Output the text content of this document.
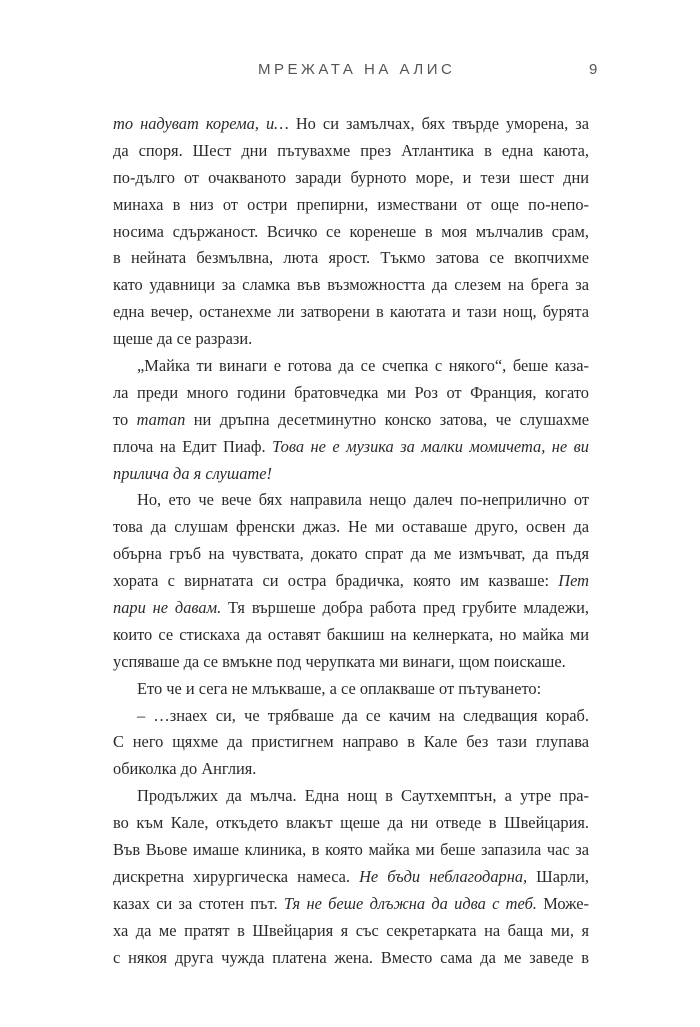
МРЕЖАТА НА АЛИС	9
то надуват корема, и… Но си замълчах, бях твърде уморена, за
да споря. Шест дни пътувахме през Атлантика в една каюта,
по-дълго от очакваното заради бурното море, и тези шест дни
минаха в низ от остри препирни, измествани от още по-непо-
носима сдържаност. Всичко се коренеше в моя мълчалив срам,
в нейната безмълвна, люта ярост. Тъкмо затова се вкопчихме
като удавници за сламка във възможността да слезем на брега за
една вечер, останехме ли затворени в каютата и тази нощ, бурята
щеше да се разрази.
„Майка ти винаги е готова да се счепка с някого“, беше каза-
ла преди много години братовчедка ми Роз от Франция, когато
то татап ни дръпна десетминутно конско затова, че слушахме
плоча на Едит Пиаф. Това не е музика за малки момичета, не ви
прилича да я слушате!
Но, ето че вече бях направила нещо далеч по-неприлично от
това да слушам френски джаз. Не ми оставаше друго, освен да
обърна гръб на чувствата, докато спрат да ме измъчват, да пъдя
хората с вирнатата си остра брадичка, която им казваше: Пет
пари не давам. Тя вършеше добра работа пред грубите младежи,
които се стискаха да оставят бакшиш на келнерката, но майка ми
успяваше да се вмъкне под черупката ми винаги, щом поискаше.
Ето че и сега не млъкваше, а се оплакваше от пътуването:
– …знаех си, че трябваше да се качим на следващия кораб.
С него щяхме да пристигнем направо в Кале без тази глупава
обиколка до Англия.
Продължих да мълча. Една нощ в Саутхемптън, а утре пра-
во към Кале, откъдето влакът щеше да ни отведе в Швейцария.
Във Вьове имаше клиника, в която майка ми беше запазила час за
дискретна хирургическа намеса. Не бъди неблагодарна, Шарли,
казах си за стотен път. Тя не беше длъжна да идва с теб. Може-
ха да ме пратят в Швейцария я със секретарката на баща ми, я
с някоя друга чужда платена жена. Вместо сама да ме заведе в
